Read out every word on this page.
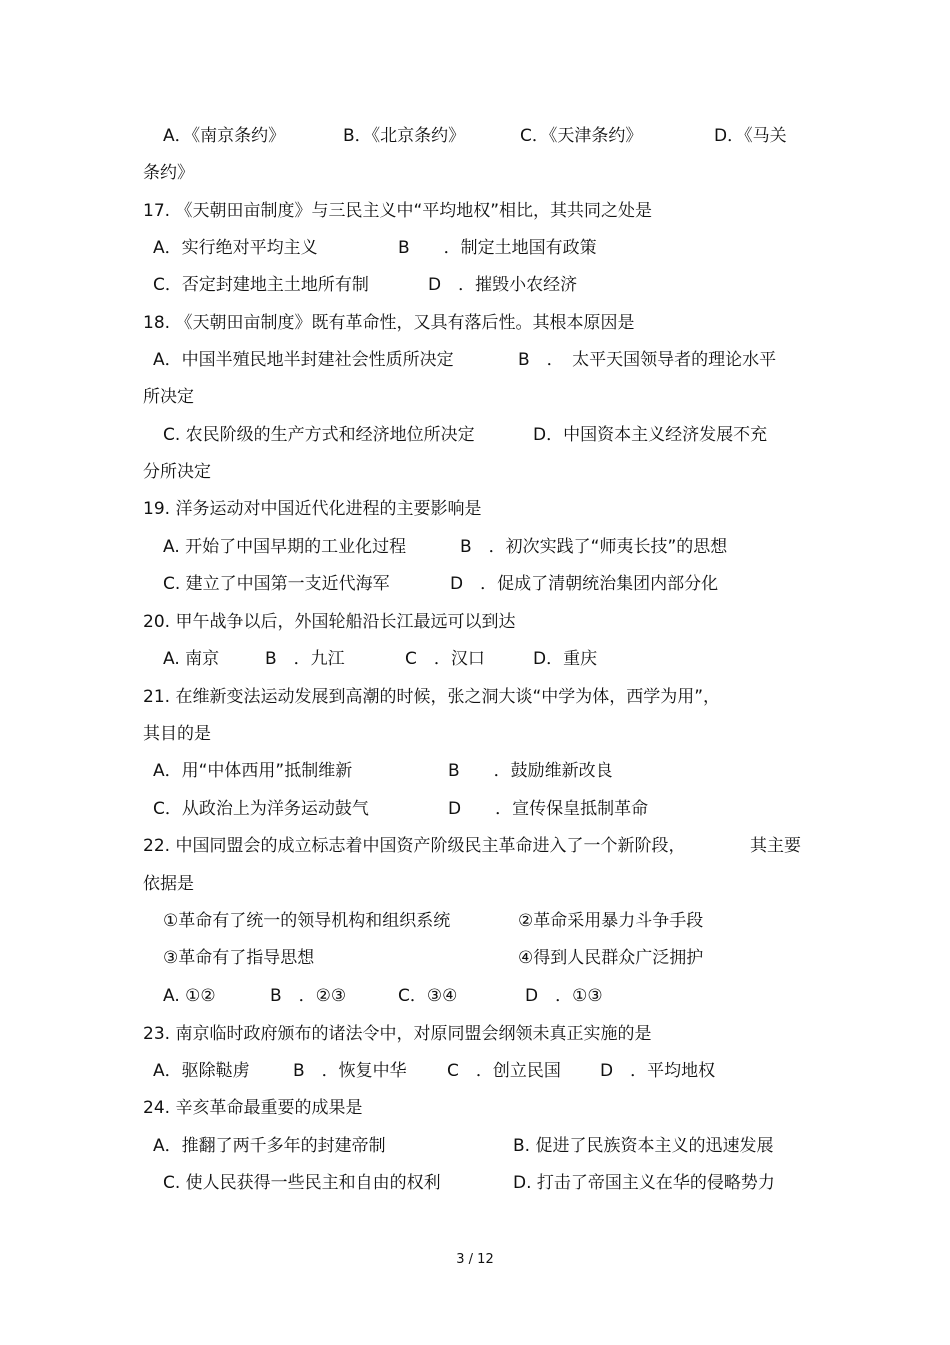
A．《南京条约》	B．《北京条约》	C．《天津条约》	D．《马关
条约》
17. 《天朝田亩制度》与三民主义中“平均地权”相比，其共同之处是
A．实行绝对平均主义	B　　．制定土地国有政策
C．否定封建地主土地所有制	D　．摧毁小农经济
18. 《天朝田亩制度》既有革命性，又具有落后性。其根本原因是
A．中国半殖民地半封建社会性质所决定	B　．　太平天国领导者的理论水平
所决定
C. 农民阶级的生产方式和经济地位所决定	D．中国资本主义经济发展不充
分所决定
19. 洋务运动对中国近代化进程的主要影响是
A. 开始了中国早期的工业化过程	B　．初次实践了“师夷长技”的思想
C. 建立了中国第一支近代海军	D　．促成了清朝统治集团内部分化
20. 甲午战争以后，外国轮船沿长江最远可以到达
A. 南京	B　．九江	C　．汉口	D．重庆
21. 在维新变法运动发展到高潮的时候，张之洞大谈“中学为体，西学为用”，
其目的是
A．用“中体西用”抵制维新	B　　．鼓励维新改良
C．从政治上为洋务运动鼓气	D　　．宣传保皇抵制革命
22. 中国同盟会的成立标志着中国资产阶级民主革命进入了一个新阶段，	其主要
依据是
①革命有了统一的领导机构和组织系统	②革命采用暴力斗争手段
③革命有了指导思想	④得到人民群众广泛拥护
A. ①②	B　．②③	C．③④	D　．①③
23. 南京临时政府颁布的诸法令中，对原同盟会纲领未真正实施的是
A．驱除鞑虏	B　．恢复中华 C　．创立民国 D　．平均地权
24. 辛亥革命最重要的成果是
A．推翻了两千多年的封建帝制	B. 促进了民族资本主义的迅速发展
C. 使人民获得一些民主和自由的权利	D. 打击了帝国主义在华的侵略势力
3 / 12
